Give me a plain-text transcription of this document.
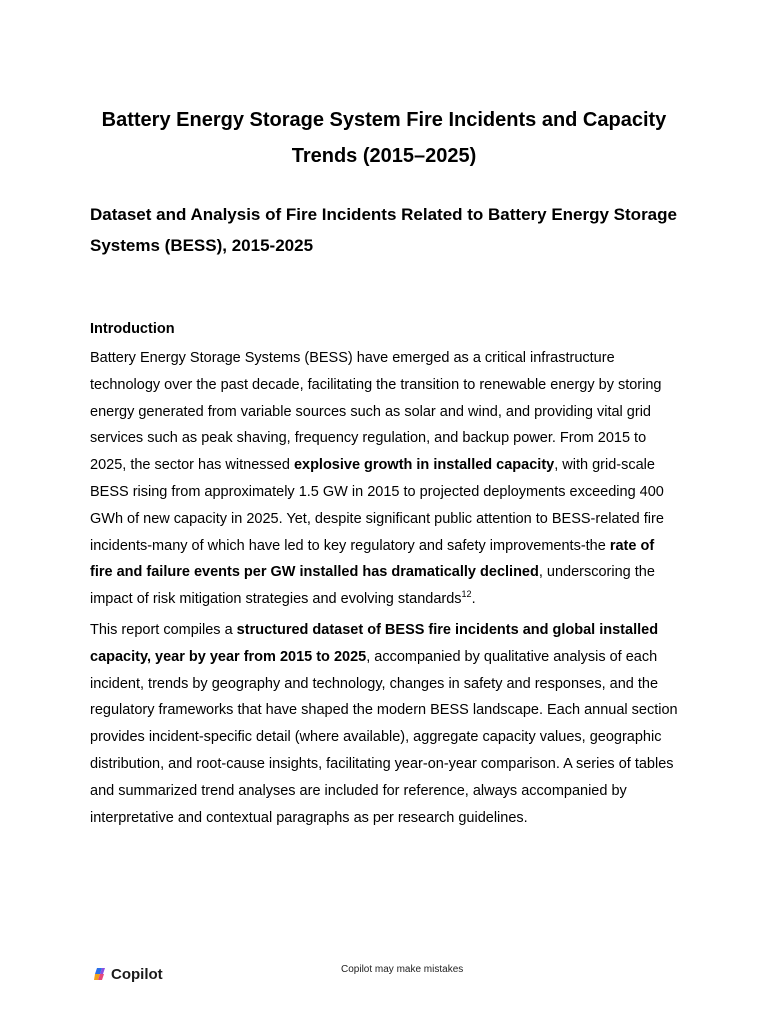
Battery Energy Storage System Fire Incidents and Capacity Trends (2015–2025)
Dataset and Analysis of Fire Incidents Related to Battery Energy Storage Systems (BESS), 2015-2025
Introduction

Battery Energy Storage Systems (BESS) have emerged as a critical infrastructure technology over the past decade, facilitating the transition to renewable energy by storing energy generated from variable sources such as solar and wind, and providing vital grid services such as peak shaving, frequency regulation, and backup power. From 2015 to 2025, the sector has witnessed explosive growth in installed capacity, with grid-scale BESS rising from approximately 1.5 GW in 2015 to projected deployments exceeding 400 GWh of new capacity in 2025. Yet, despite significant public attention to BESS-related fire incidents-many of which have led to key regulatory and safety improvements-the rate of fire and failure events per GW installed has dramatically declined, underscoring the impact of risk mitigation strategies and evolving standards$^{12}$.

This report compiles a structured dataset of BESS fire incidents and global installed capacity, year by year from 2015 to 2025, accompanied by qualitative analysis of each incident, trends by geography and technology, changes in safety and responses, and the regulatory frameworks that have shaped the modern BESS landscape. Each annual section provides incident-specific detail (where available), aggregate capacity values, geographic distribution, and root-cause insights, facilitating year-on-year comparison. A series of tables and summarized trend analyses are included for reference, always accompanied by interpretative and contextual paragraphs as per research guidelines.

Copilot	Copilot may make mistakes
